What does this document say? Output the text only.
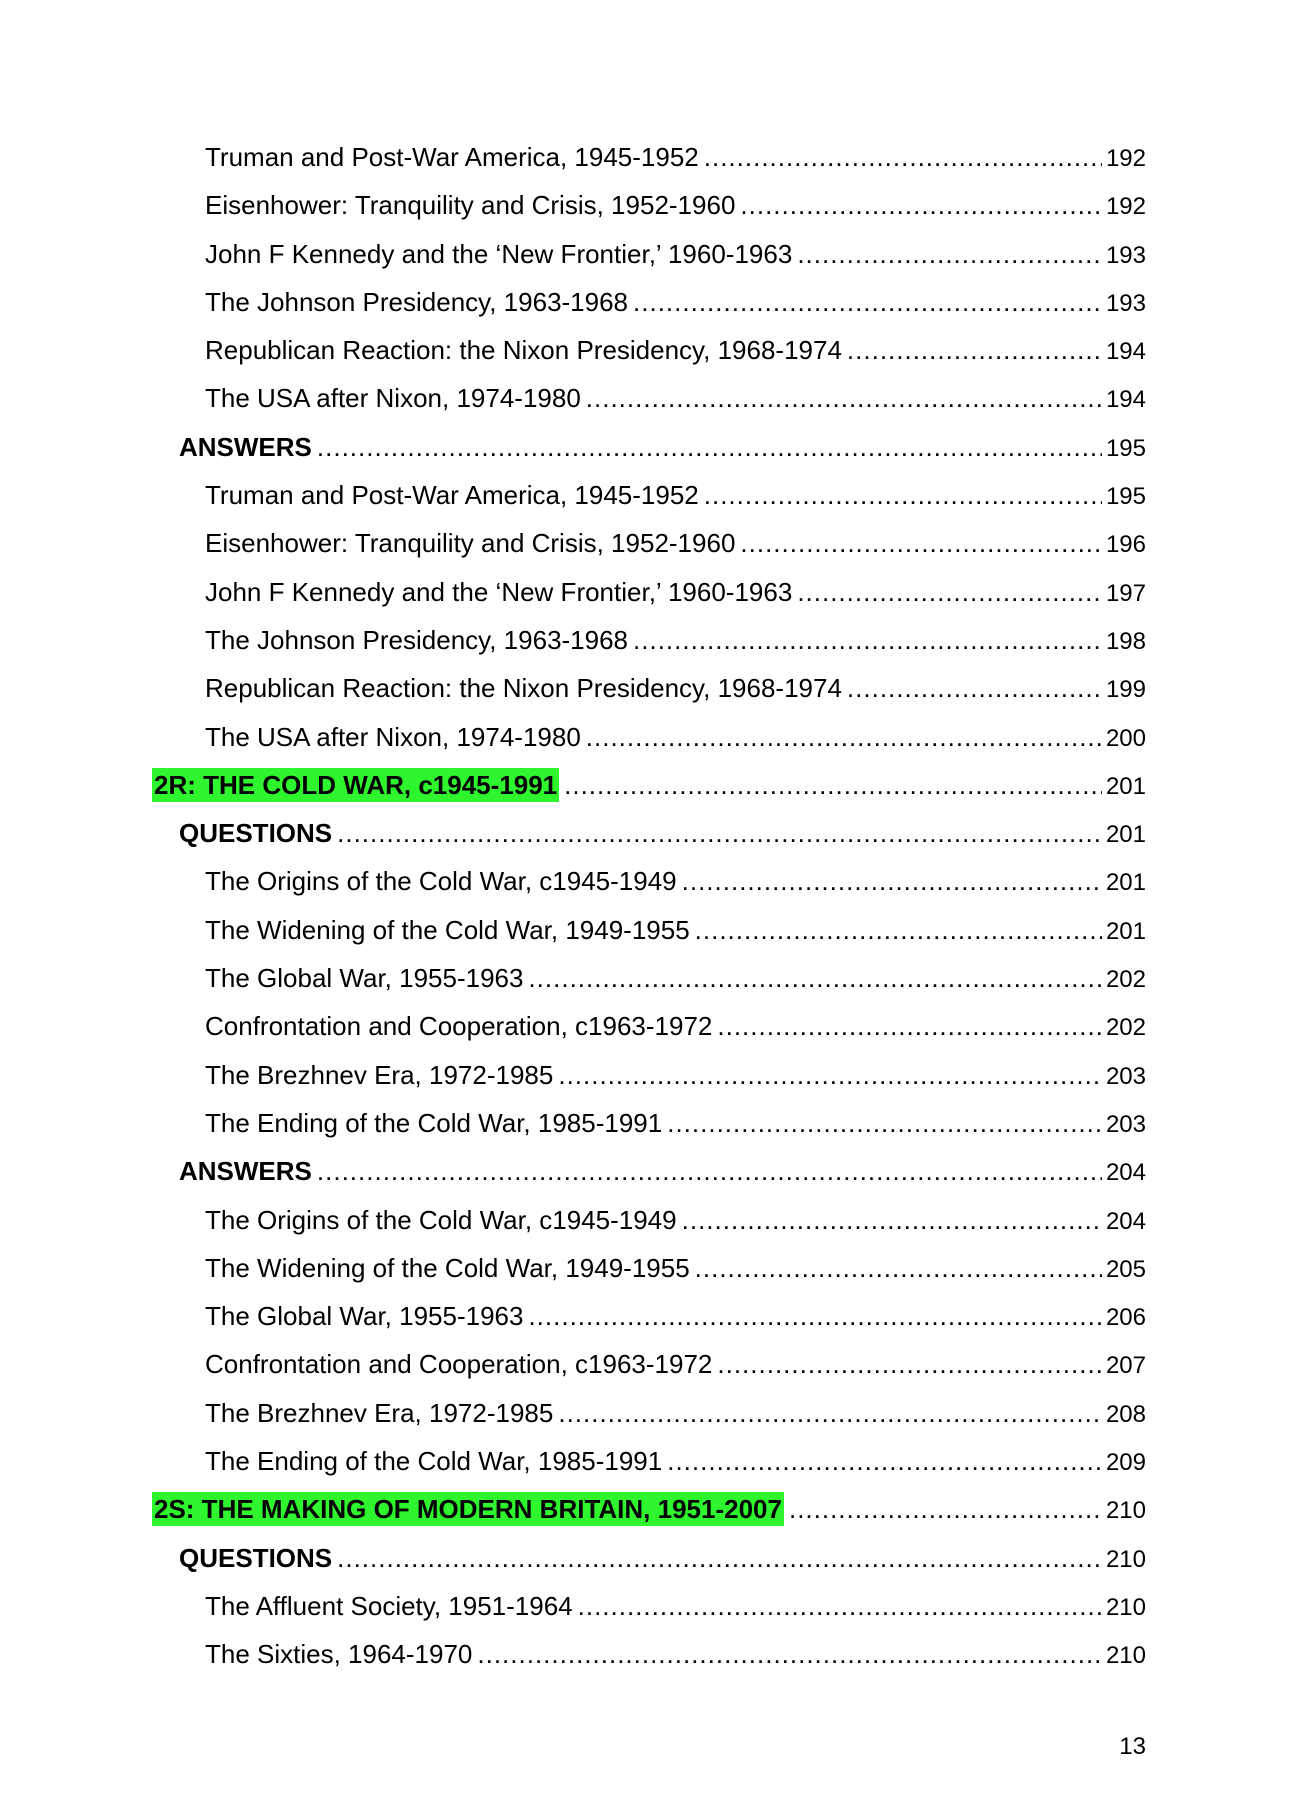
Truman and Post-War America, 1945-1952 .....	192
Eisenhower: Tranquility and Crisis, 1952-1960 .....	192
John F Kennedy and the ‘New Frontier,’ 1960-1963 .....	193
The Johnson Presidency, 1963-1968 .....	193
Republican Reaction: the Nixon Presidency, 1968-1974 .....	194
The USA after Nixon, 1974-1980 .....	194
ANSWERS .....	195
Truman and Post-War America, 1945-1952 .....	195
Eisenhower: Tranquility and Crisis, 1952-1960 .....	196
John F Kennedy and the ‘New Frontier,’ 1960-1963 .....	197
The Johnson Presidency, 1963-1968 .....	198
Republican Reaction: the Nixon Presidency, 1968-1974 .....	199
The USA after Nixon, 1974-1980 .....	200
2R: THE COLD WAR, c1945-1991 .....	201
QUESTIONS .....	201
The Origins of the Cold War, c1945-1949 .....	201
The Widening of the Cold War, 1949-1955 .....	201
The Global War, 1955-1963 .....	202
Confrontation and Cooperation, c1963-1972 .....	202
The Brezhnev Era, 1972-1985 .....	203
The Ending of the Cold War, 1985-1991 .....	203
ANSWERS .....	204
The Origins of the Cold War, c1945-1949 .....	204
The Widening of the Cold War, 1949-1955 .....	205
The Global War, 1955-1963 .....	206
Confrontation and Cooperation, c1963-1972 .....	207
The Brezhnev Era, 1972-1985 .....	208
The Ending of the Cold War, 1985-1991 .....	209
2S: THE MAKING OF MODERN BRITAIN, 1951-2007 .....	210
QUESTIONS .....	210
The Affluent Society, 1951-1964 .....	210
The Sixties, 1964-1970 .....	210
13
